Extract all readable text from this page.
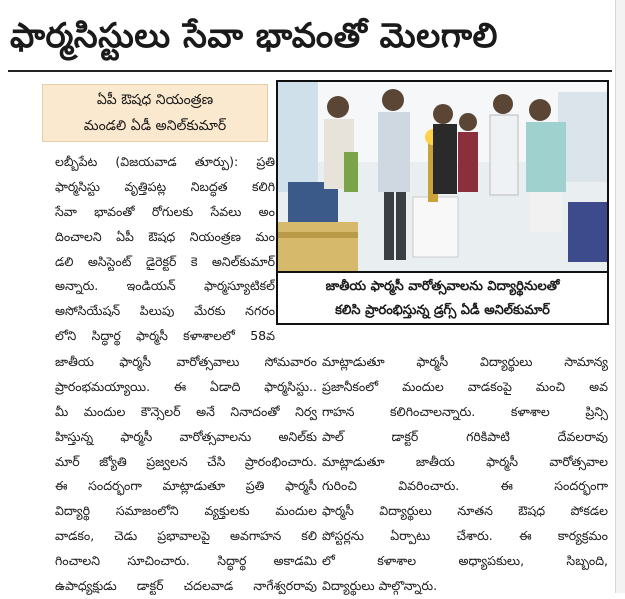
ఫార్మసిస్టులు సేవా భావంతో మెలగాలి
ఏపీ ఔషధ నియంత్రణ
మండలి ఏడీ అనిల్‌కుమార్
జాతీయ ఫార్మసీ వారోత్సవాలను విద్యార్థినులతో
కలిసి ప్రారంభిస్తున్న డ్రగ్స్ ఏడీ అనిల్‌కుమార్
లబ్బీపేట (విజయవాడ తూర్పు): ప్రతి
ఫార్మసిస్టు వృత్తిపట్ల నిబద్ధత కలిగి
సేవా భావంతో రోగులకు సేవలు అం
దించాలని ఏపీ ఔషధ నియంత్రణ మం
డలి అసిస్టెంట్ డైరెక్టర్ కె అనిల్‌కుమార్
అన్నారు. ఇండియన్ ఫార్మస్యూటికల్
అసోసియేషన్ పిలుపు మేరకు నగరం
లోని సిద్ధార్థ ఫార్మసీ కళాశాలలో 58వ
జాతీయ ఫార్మసీ వారోత్సవాలు సోమవారం
ప్రారంభమయ్యాయి. ఈ ఏడాది ఫార్మసిస్టు..
మీ మందుల కౌన్సెలర్ అనే నినాదంతో నిర్వ
హిస్తున్న ఫార్మసీ వారోత్సవాలను అనిల్‌కు
మార్ జ్యోతి ప్రజ్వలన చేసి ప్రారంభించారు.
ఈ సందర్భంగా మాట్లాడుతూ ప్రతి ఫార్మసీ
విద్యార్థి సమాజంలోని వ్యక్తులకు మందుల
వాడకం, చెడు ప్రభావాలపై అవగాహన కలి
గించాలని సూచించారు. సిద్ధార్థ అకాడమి
ఉపాధ్యక్షుడు డాక్టర్ చదలవాడ నాగేశ్వరరావు
మాట్లాడుతూ ఫార్మసీ విద్యార్థులు సామాన్య
ప్రజానీకంలో మందుల వాడకంపై మంచి అవ
గాహన కలిగించాలన్నారు. కళాశాల ప్రిన్సి
పాల్ డాక్టర్ గరికిపాటి దేవలరావు
మాట్లాడుతూ జాతీయ ఫార్మసీ వారోత్సవాల
గురించి వివరించారు. ఈ సందర్భంగా
ఫార్మసీ విద్యార్థులు నూతన ఔషధ పోకడల
పోస్టర్లను ఏర్పాటు చేశారు. ఈ కార్యక్రమం
లో కళాశాల అధ్యాపకులు, సిబ్బంది,
విద్యార్థులు పాల్గొన్నారు.
